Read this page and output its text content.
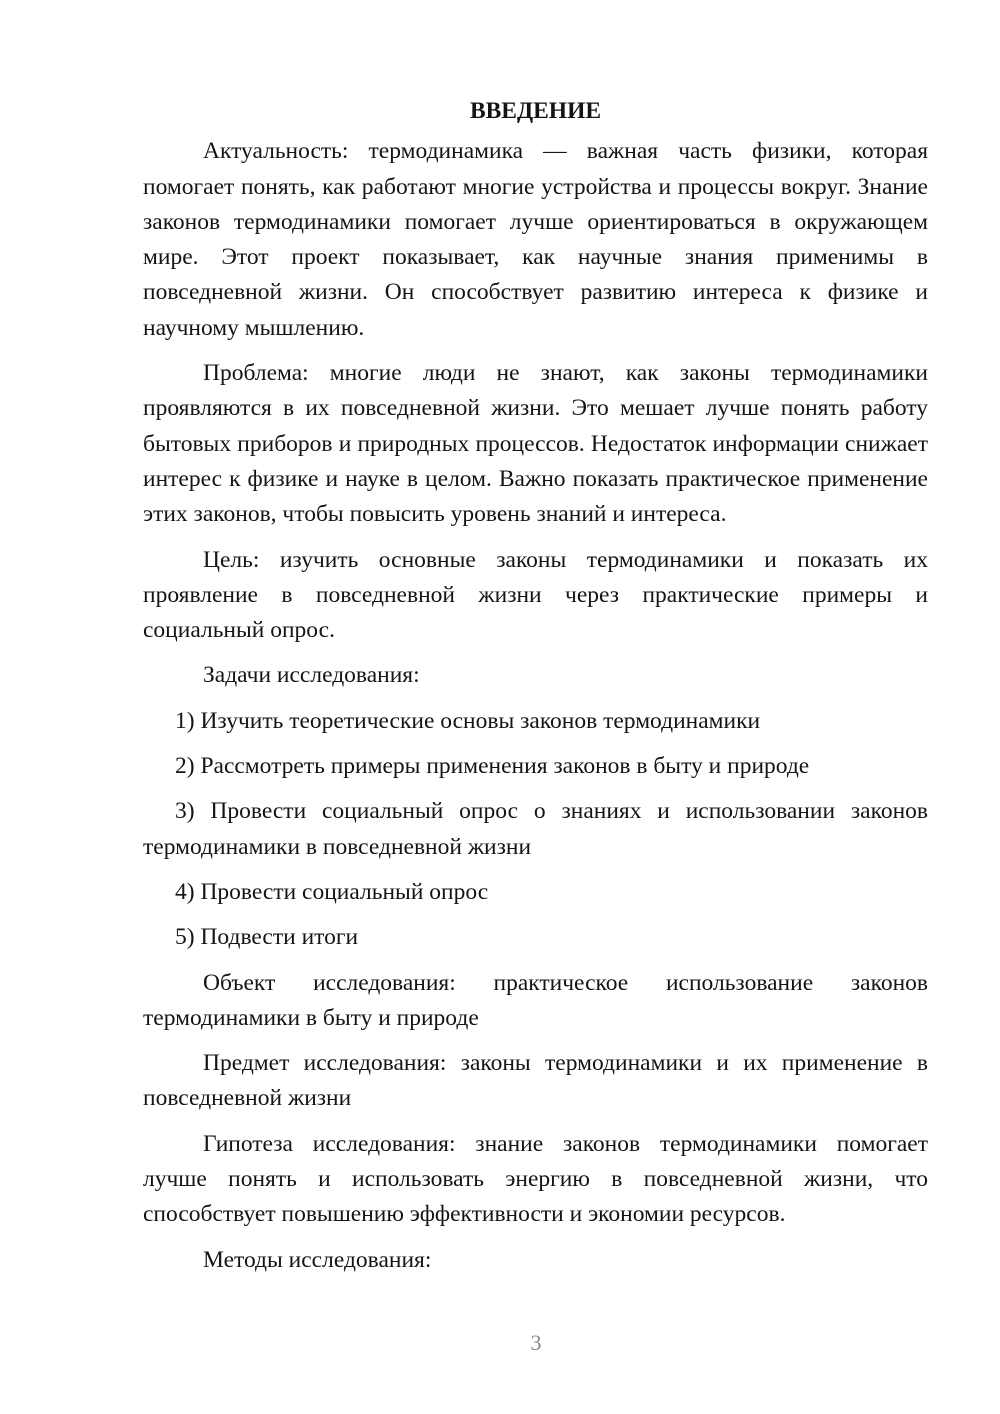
ВВЕДЕНИЕ

Актуальность: термодинамика — важная часть физики, которая помогает понять, как работают многие устройства и процессы вокруг. Знание законов термодинамики помогает лучше ориентироваться в окружающем мире. Этот проект показывает, как научные знания применимы в повседневной жизни. Он способствует развитию интереса к физике и научному мышлению.

Проблема: многие люди не знают, как законы термодинамики проявляются в их повседневной жизни. Это мешает лучше понять работу бытовых приборов и природных процессов. Недостаток информации снижает интерес к физике и науке в целом. Важно показать практическое применение этих законов, чтобы повысить уровень знаний и интереса.

Цель: изучить основные законы термодинамики и показать их проявление в повседневной жизни через практические примеры и социальный опрос.

Задачи исследования:

1) Изучить теоретические основы законов термодинамики

2) Рассмотреть примеры применения законов в быту и природе

3) Провести социальный опрос о знаниях и использовании законов термодинамики в повседневной жизни

4) Провести социальный опрос

5) Подвести итоги

Объект исследования: практическое использование законов термодинамики в быту и природе

Предмет исследования: законы термодинамики и их применение в повседневной жизни

Гипотеза исследования: знание законов термодинамики помогает лучше понять и использовать энергию в повседневной жизни, что способствует повышению эффективности и экономии ресурсов.

Методы исследования:

3
